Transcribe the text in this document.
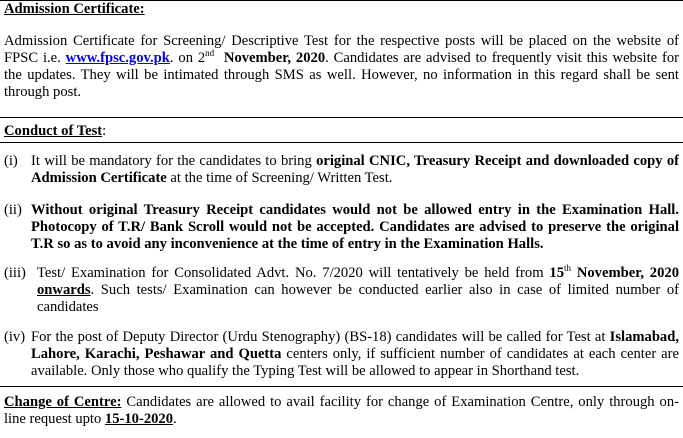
Admission Certificate:
Admission Certificate for Screening/ Descriptive Test for the respective posts will be placed on the website of FPSC i.e. www.fpsc.gov.pk. on 2nd November, 2020. Candidates are advised to frequently visit this website for the updates. They will be intimated through SMS as well. However, no information in this regard shall be sent through post.
Conduct of Test:
(i) It will be mandatory for the candidates to bring original CNIC, Treasury Receipt and downloaded copy of Admission Certificate at the time of Screening/ Written Test.
(ii) Without original Treasury Receipt candidates would not be allowed entry in the Examination Hall. Photocopy of T.R/ Bank Scroll would not be accepted. Candidates are advised to preserve the original T.R so as to avoid any inconvenience at the time of entry in the Examination Halls.
(iii) Test/ Examination for Consolidated Advt. No. 7/2020 will tentatively be held from 15th November, 2020 onwards. Such tests/ Examination can however be conducted earlier also in case of limited number of candidates
(iv) For the post of Deputy Director (Urdu Stenography) (BS-18) candidates will be called for Test at Islamabad, Lahore, Karachi, Peshawar and Quetta centers only, if sufficient number of candidates at each center are available. Only those who qualify the Typing Test will be allowed to appear in Shorthand test.
Change of Centre: Candidates are allowed to avail facility for change of Examination Centre, only through on-line request upto 15-10-2020.
